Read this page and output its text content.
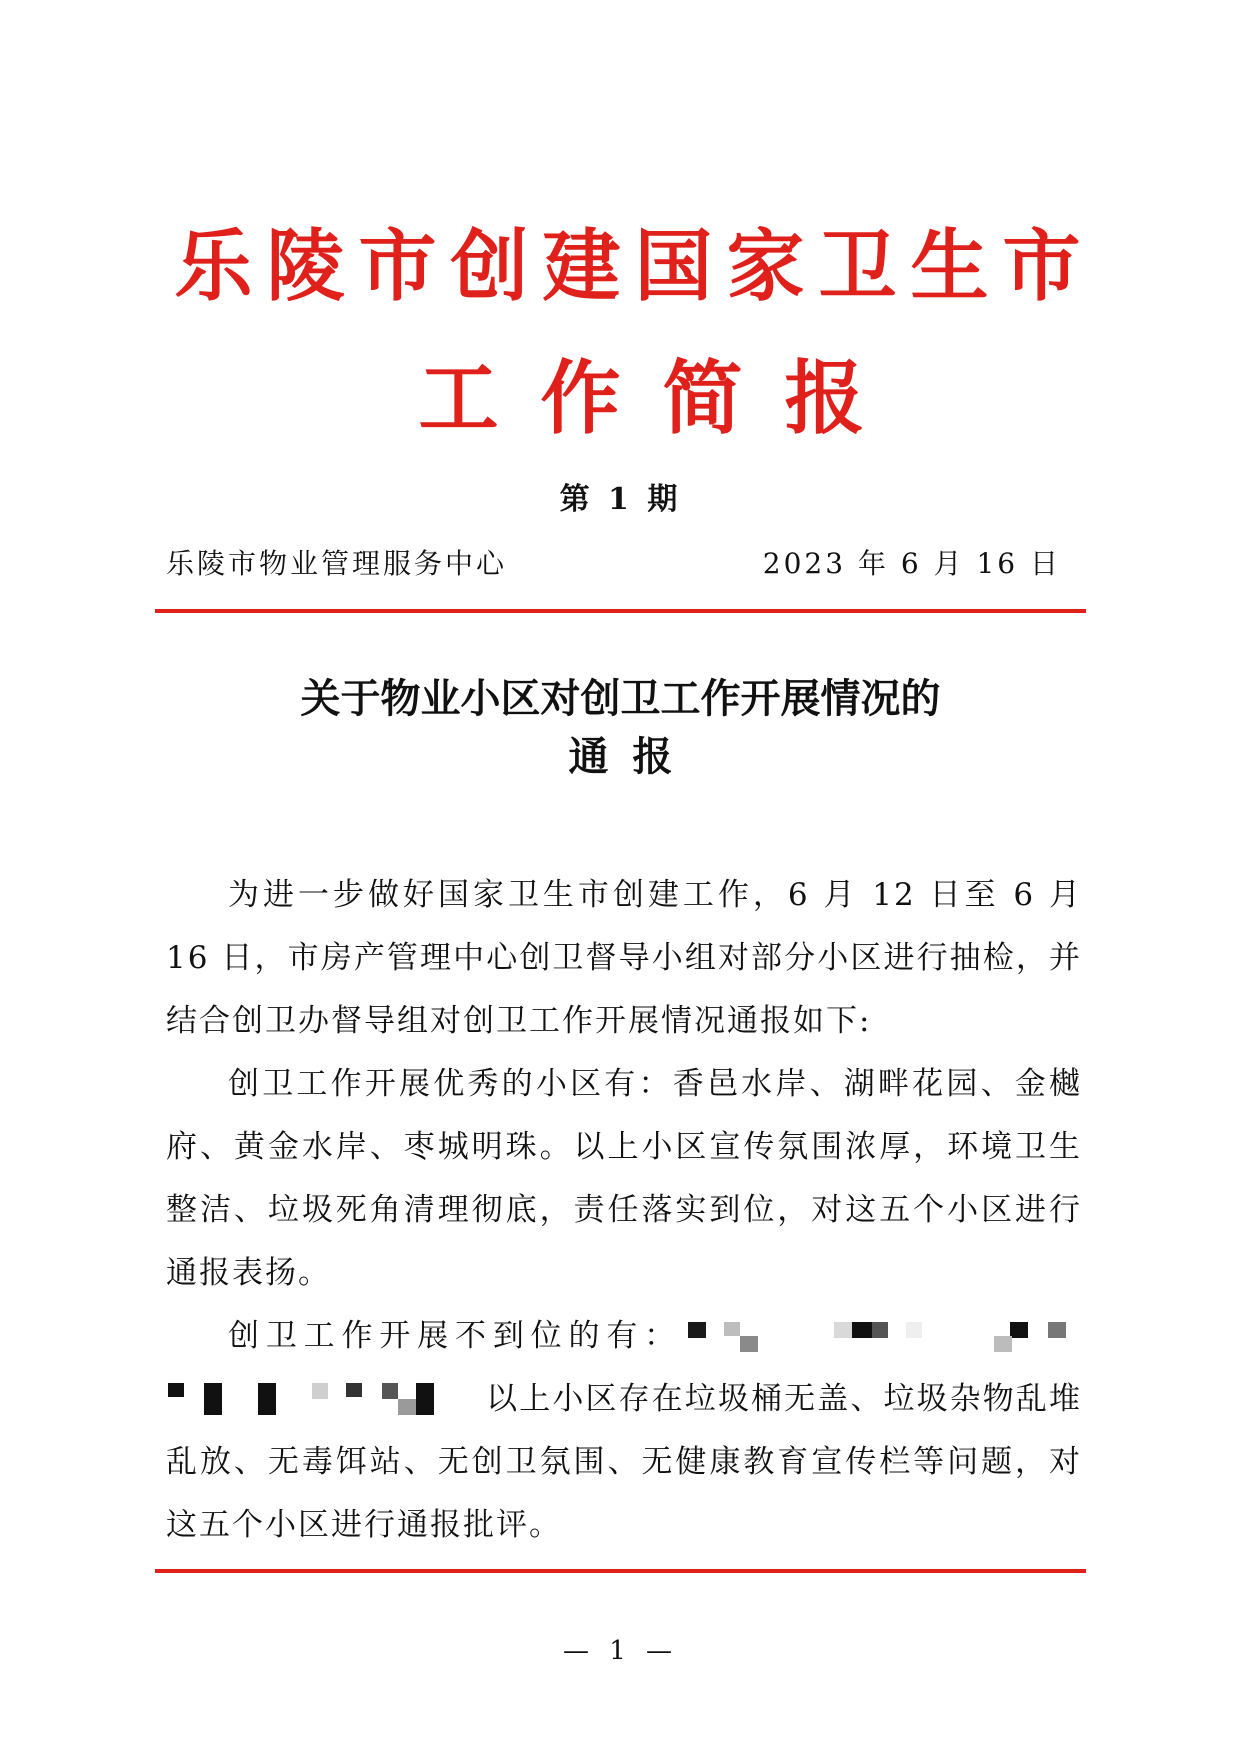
乐陵市创建国家卫生市
工作简报
第 1 期
乐陵市物业管理服务中心	2023 年 6 月 16 日
关于物业小区对创卫工作开展情况的
通报

为进一步做好国家卫生市创建工作，6 月 12 日至 6 月 16 日，市房产管理中心创卫督导小组对部分小区进行抽检，并结合创卫办督导组对创卫工作开展情况通报如下:

创卫工作开展优秀的小区有：香邑水岸、湖畔花园、金樾府、黄金水岸、枣城明珠。以上小区宣传氛围浓厚，环境卫生整洁、垃圾死角清理彻底，责任落实到位，对这五个小区进行通报表扬。

创卫工作开展不到位的有：
以上小区存在垃圾桶无盖、垃圾杂物乱堆乱放、无毒饵站、无创卫氛围、无健康教育宣传栏等问题，对这五个小区进行通报批评。

— 1 —
